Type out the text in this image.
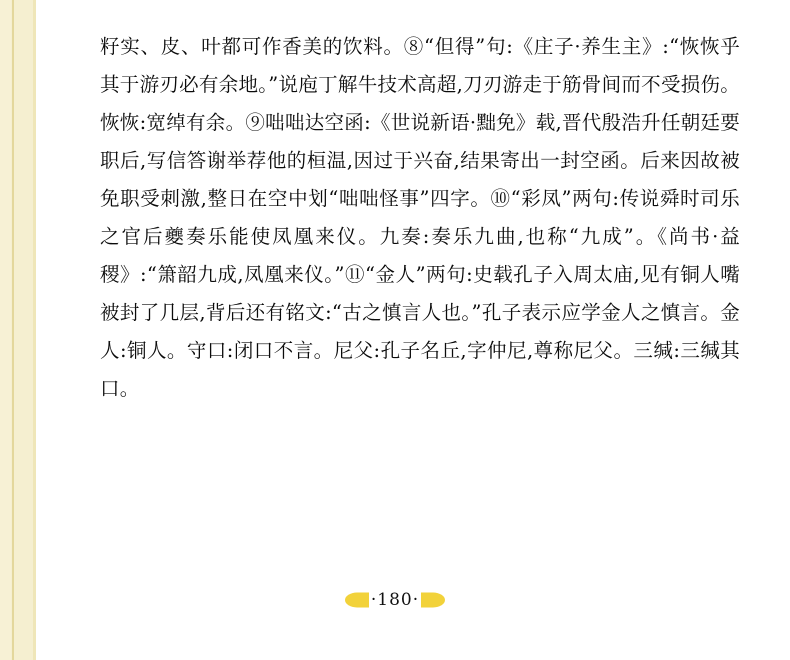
籽实、皮、叶都可作香美的饮料。⑧“但得”句:《庄子·养生主》:“恢恢乎其于游刃必有余地。”说庖丁解牛技术高超,刀刃游走于筋骨间而不受损伤。恢恢:宽绰有余。⑨咄咄达空函:《世说新语·黜免》载,晋代殷浩升任朝廷要职后,写信答谢举荐他的桓温,因过于兴奋,结果寄出一封空函。后来因故被免职受刺激,整日在空中划“咄咄怪事”四字。⑩“彩凤”两句:传说舜时司乐之官后夔奏乐能使凤凰来仪。九奏:奏乐九曲,也称“九成”。《尚书·益稷》:“箫韶九成,凤凰来仪。”⑪“金人”两句:史载孔子入周太庙,见有铜人嘴被封了几层,背后还有铭文:“古之慎言人也。”孔子表示应学金人之慎言。金人:铜人。守口:闭口不言。尼父:孔子名丘,字仲尼,尊称尼父。三缄:三缄其口。

·180·
